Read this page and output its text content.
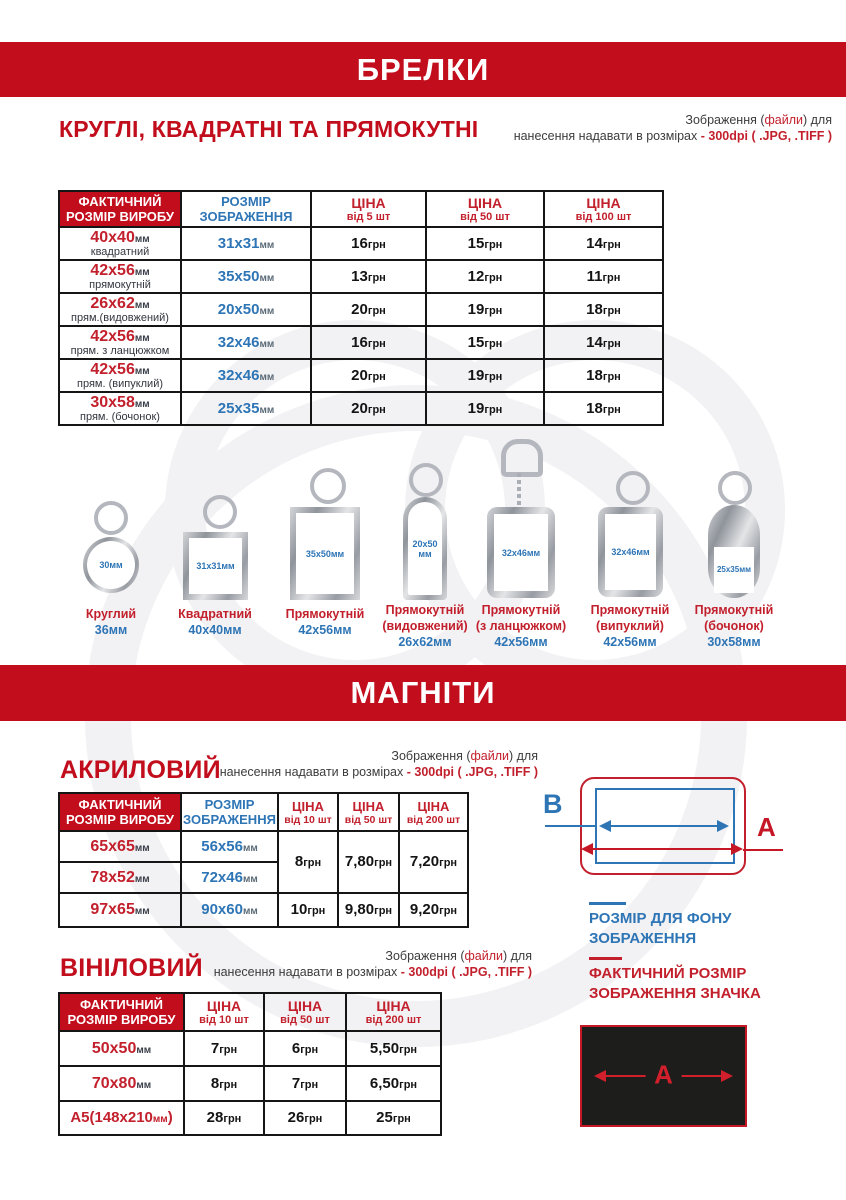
БРЕЛКИ
КРУГЛІ, КВАДРАТНІ ТА ПРЯМОКУТНІ	Зображення (файли) для
нанесення надавати в розмірах - 300dpi ( .JPG, .TIFF )
ФАКТИЧНИЙ
РОЗМІР ВИРОБУ

РОЗМІР
ЗОБРАЖЕННЯ

ЦІНА
від 5 шт

ЦІНА
від 50 шт

ЦІНА
від 100 шт

40x40мм
квадратний	31x31мм	16грн	15грн	14грн

42x56мм
прямокутній	35x50мм	13грн	12грн	11грн

26x62мм
прям.(видовжений)	20x50мм	20грн	19грн	18грн

42x56мм
прям. з ланцюжком	32x46мм	16грн	15грн	14грн

42x56мм
прям. (випуклий)	32x46мм	20грн	19грн	18грн

30x58мм
прям. (бочонок)	25x35мм	20грн	19грн	18грн
30мм
Круглий
36мм
31x31мм
Квадратний
40x40мм
35x50мм
Прямокутній
42x56мм
20x50 мм
Прямокутній
(видовжений)
26x62мм
32x46мм
Прямокутній
(з ланцюжком)
42x56мм
32x46мм
Прямокутній
(випуклий)
42x56мм
25x35мм
Прямокутній
(бочонок)
30x58мм
МАГНІТИ
АКРИЛОВИЙ	Зображення (файли) для
нанесення надавати в розмірах - 300dpi ( .JPG, .TIFF )
ФАКТИЧНИЙ
РОЗМІР ВИРОБУ

РОЗМІР
ЗОБРАЖЕННЯ

ЦІНА
від 10 шт

ЦІНА
від 50 шт

ЦІНА
від 200 шт

65x65мм	56x56мм	8грн	7,80грн	7,20грн
78x52мм	72x46мм			
97x65мм	90x60мм	10грн	9,80грн	9,20грн
B
A
РОЗМІР ДЛЯ ФОНУ
ЗОБРАЖЕННЯ
ФАКТИЧНИЙ РОЗМІР
ЗОБРАЖЕННЯ ЗНАЧКА
ВІНІЛОВИЙ	Зображення (файли) для
нанесення надавати в розмірах - 300dpi ( .JPG, .TIFF )
ФАКТИЧНИЙ
РОЗМІР ВИРОБУ

ЦІНА
від 10 шт

ЦІНА
від 50 шт

ЦІНА
від 200 шт

50x50мм	7грн	6грн	5,50грн
70x80мм	8грн	7грн	6,50грн
A5(148x210мм)	28грн	26грн	25грн
A
